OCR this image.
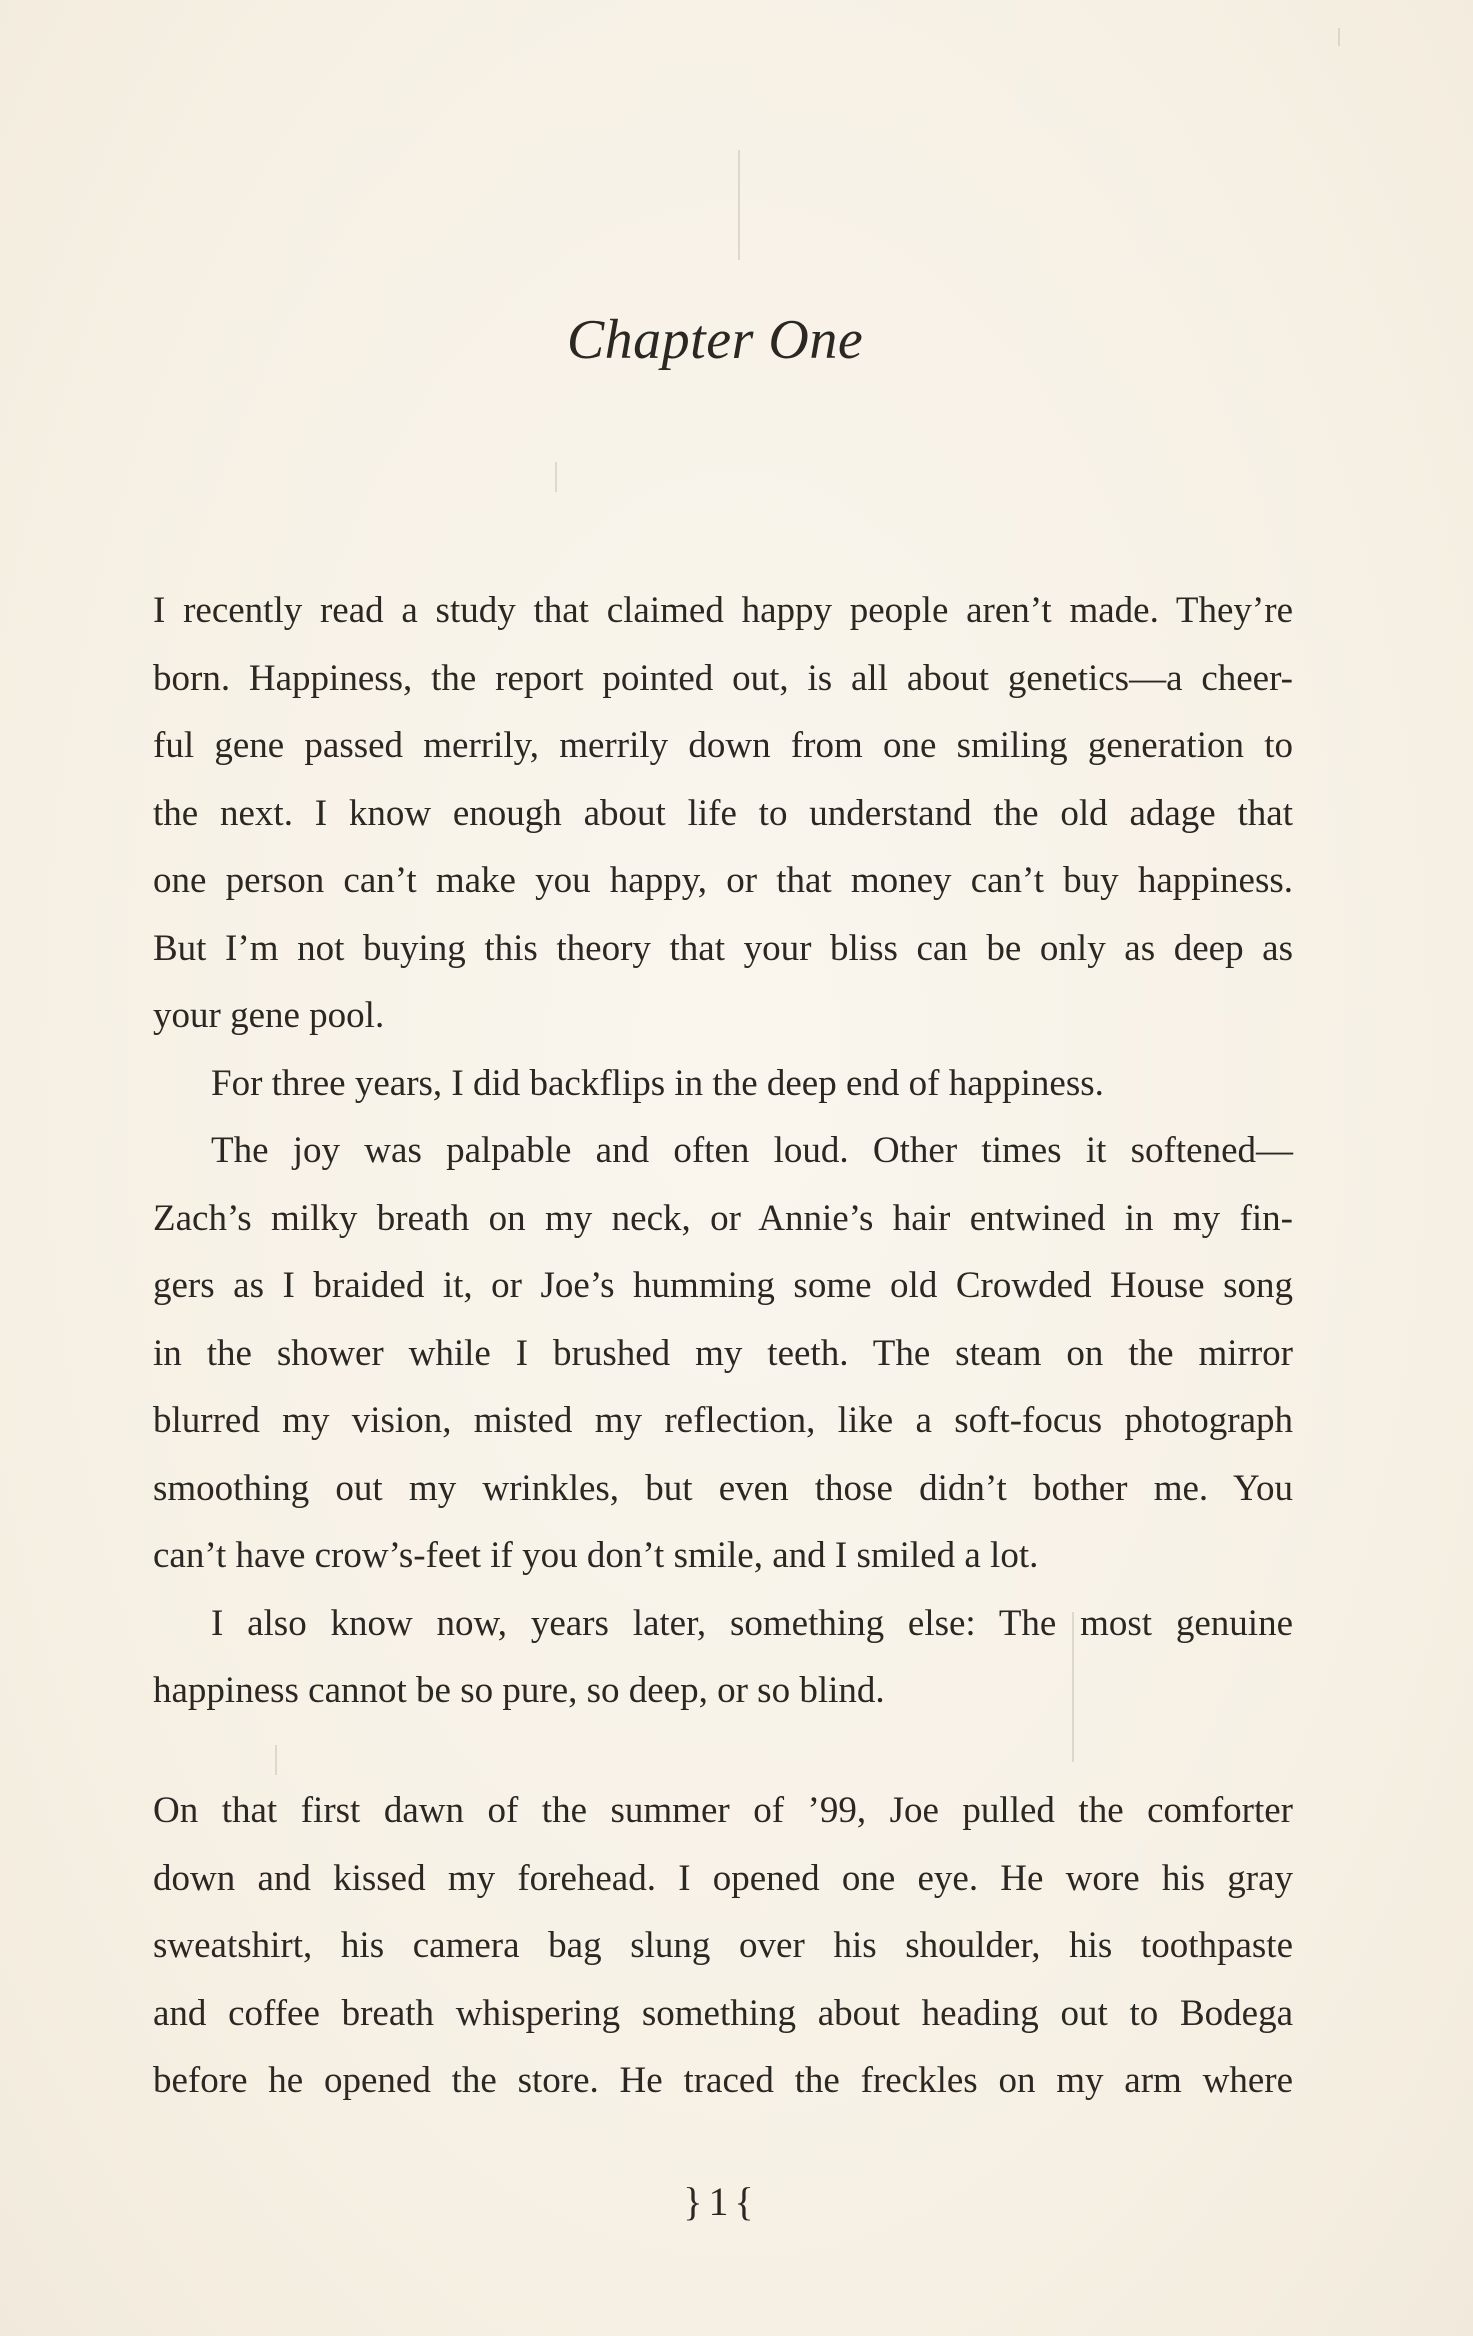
Chapter One
I recently read a study that claimed happy people aren’t made. They’re
born. Happiness, the report pointed out, is all about genetics—a cheer-
ful gene passed merrily, merrily down from one smiling generation to
the next. I know enough about life to understand the old adage that
one person can’t make you happy, or that money can’t buy happiness.
But I’m not buying this theory that your bliss can be only as deep as
your gene pool.
For three years, I did backflips in the deep end of happiness.
The joy was palpable and often loud. Other times it softened—
Zach’s milky breath on my neck, or Annie’s hair entwined in my fin-
gers as I braided it, or Joe’s humming some old Crowded House song
in the shower while I brushed my teeth. The steam on the mirror
blurred my vision, misted my reflection, like a soft-focus photograph
smoothing out my wrinkles, but even those didn’t bother me. You
can’t have crow’s-feet if you don’t smile, and I smiled a lot.
I also know now, years later, something else: The most genuine
happiness cannot be so pure, so deep, or so blind.
On that first dawn of the summer of ’99, Joe pulled the comforter
down and kissed my forehead. I opened one eye. He wore his gray
sweatshirt, his camera bag slung over his shoulder, his toothpaste
and coffee breath whispering something about heading out to Bodega
before he opened the store. He traced the freckles on my arm where
}1{
